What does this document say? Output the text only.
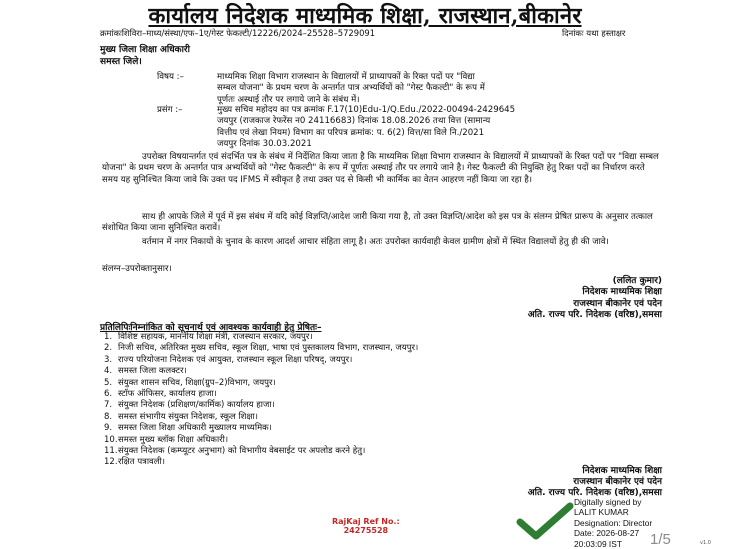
कार्यालय निदेशक माध्यमिक शिक्षा, राजस्थान,बीकानेर
क्रमांकःशिविरा–माध्य/संस्था/एफ–1ए/गेस्ट फेकल्टी/12226/2024–25528–5729091	दिनांकः यथा हस्ताक्षर
मुख्य जिला शिक्षा अधिकारी
समस्त जिले।
विषय :–	माध्यमिक शिक्षा विभाग राजस्थान के विद्यालयों में प्राध्यापकों के रिक्त पदों पर "विद्या
सम्बल योजना" के प्रथम चरण के अन्तर्गत पात्र अभ्यर्थियों को "गेस्ट फैकल्टी" के रूप में
पूर्णतः अस्थाई तौर पर लगाये जाने के संबंध में।
प्रसंग :–	मुख्य सचिव महोदय का पत्र क्रमांक F.17(10)Edu-1/Q.Edu./2022-00494-2429645
जयपुर (राजकाज रेफरेंस न0 24116683) दिनांक 18.08.2026 तथा वित्त (सामान्य
वित्तीय एवं लेखा नियम) विभाग का परिपत्र क्रमांक: प. 6(2) वित्त/सा विले नि./2021
जयपुर दिनांक 30.03.2021
उपरोक्त विषयान्तर्गत एवं संदर्भित पत्र के संबंध में निर्देशित किया जाता है कि माध्यमिक शिक्षा विभाग राजस्थान के विद्यालयों में प्राध्यापकों के रिक्त पदों पर "विद्या सम्बल योजना" के प्रथम चरण के अन्तर्गत पात्र अभ्यर्थियों को "गेस्ट फैकल्टी" के रूप में पूर्णतः अस्थाई तौर पर लगाये जाने है। गेस्ट फैकल्टी की नियुक्ति हेतु रिक्त पदों का निर्धारण करते समय यह सुनिश्चित किया जावे कि उक्त पद IFMS में स्वीकृत है तथा उक्त पद से किसी भी कार्मिक का वेतन आहरण नहीं किया जा रहा है।
साथ ही आपके जिले में पूर्व में इस संबंध में यदि कोई विज्ञप्ति/आदेश जारी किया गया है, तो उक्त विज्ञप्ति/आदेश को इस पत्र के संलग्न प्रेषित प्रारूप के अनुसार तत्काल संशोधित किया जाना सुनिश्चित करावें।
वर्तमान में नगर निकायों के चुनाव के कारण आदर्श आचार संहिता लागू है। अतः उपरोक्त कार्यवाही केवल ग्रामीण क्षेत्रों में स्थित विद्यालयों हेतु ही की जावे।
संलग्न–उपरोक्तानुसार।
(ललित कुमार)
निदेशक माध्यमिक शिक्षा
राजस्थान बीकानेर एवं पदेन
अति. राज्य परि. निदेशक (वरिष्ठ),समसा
प्रतिलिपिःनिम्नांकित को सूचनार्थ एवं आवश्यक कार्यवाही हेतु प्रेषितः–
1. विशिष्ट सहायक, माननीय शिक्षा मंत्री, राजस्थान सरकार, जयपुर।
2. निजी सचिव, अतिरिक्त मुख्य सचिव, स्कूल शिक्षा, भाषा एवं पुस्तकालय विभाग, राजस्थान, जयपुर।
3. राज्य परियोजना निदेशक एवं आयुक्त, राजस्थान स्कूल शिक्षा परिषद्, जयपुर।
4. समस्त जिला कलक्टर।
5. संयुक्त शासन सचिव, शिक्षा(ग्रुप–2)विभाग, जयपुर।
6. स्टॉफ ऑफिसर, कार्यालय हाजा।
7. संयुक्त निदेशक (प्रशिक्षण/कार्मिक) कार्यालय हाजा।
8. समस्त संभागीय संयुक्त निदेशक, स्कूल शिक्षा।
9. समस्त जिला शिक्षा अधिकारी मुख्यालय माध्यमिक।
10.समस्त मुख्य ब्लॉक शिक्षा अधिकारी।
11.संयुक्त निदेशक (कम्प्यूटर अनुभाग) को विभागीय वेबसाईट पर अपलोड करने हेतु।
12.रक्षित पत्रावली।
निदेशक माध्यमिक शिक्षा
राजस्थान बीकानेर एवं पदेन
अति. राज्य परि. निदेशक (वरिष्ठ),समसा
RajKaj Ref No.:
24275528
Digitally signed by
LALIT KUMAR
Designation: Director
Date: 2026-08-27
20:03:09 IST	1/5	v1.0
